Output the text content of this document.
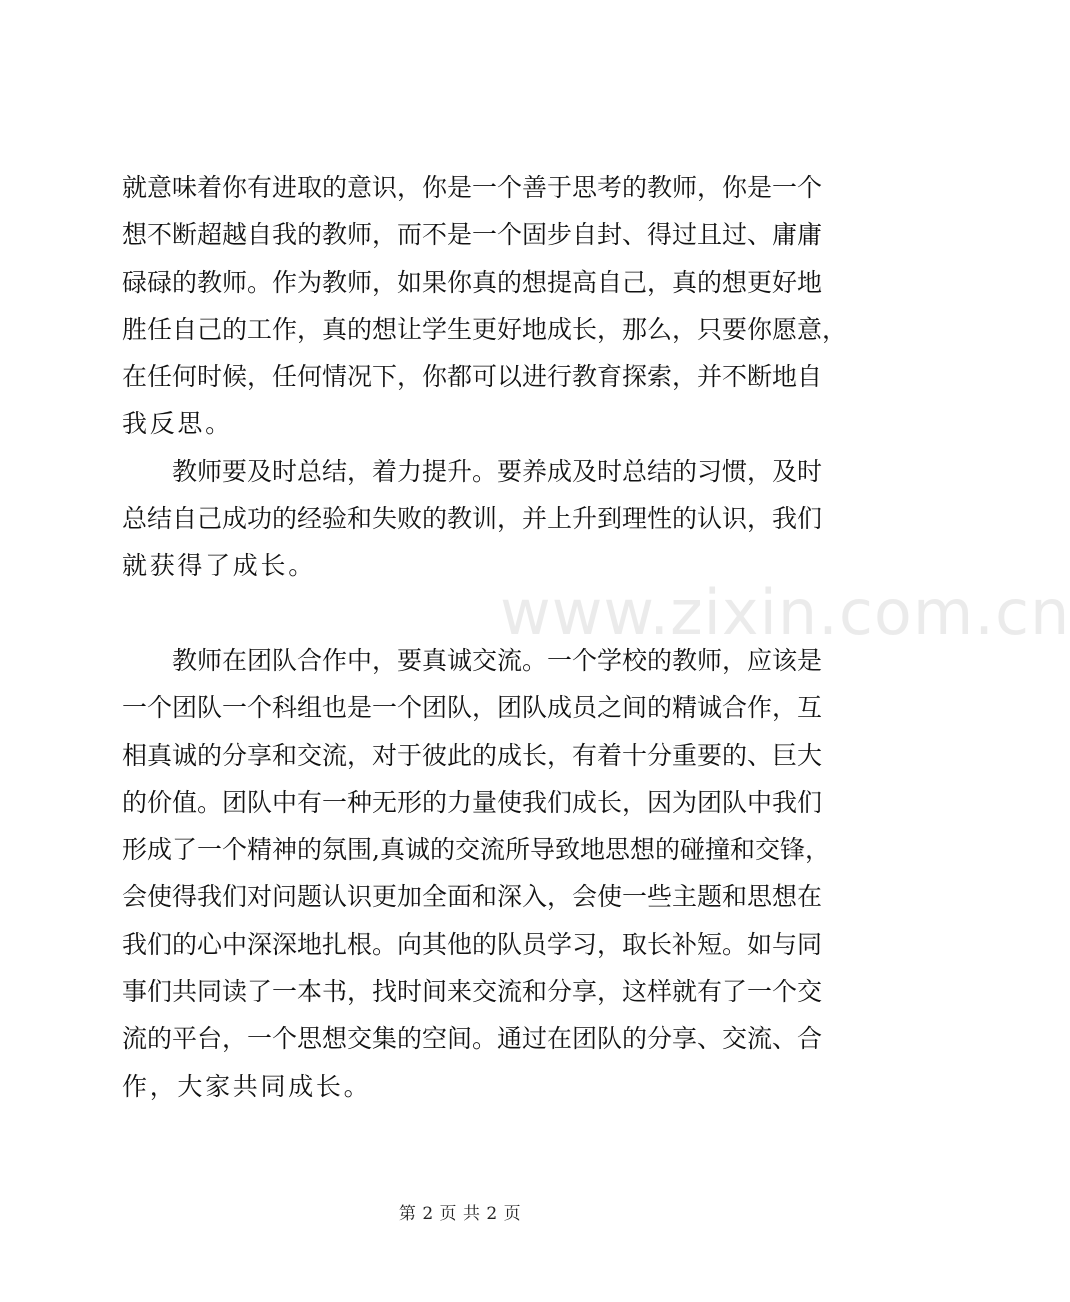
www.zixin.com.cn
就意味着你有进取的意识，你是一个善于思考的教师，你是一个
想不断超越自我的教师，而不是一个固步自封、得过且过、庸庸
碌碌的教师。作为教师，如果你真的想提高自己，真的想更好地
胜任自己的工作，真的想让学生更好地成长，那么，只要你愿意，
在任何时候，任何情况下，你都可以进行教育探索，并不断地自
我反思。
教师要及时总结，着力提升。要养成及时总结的习惯，及时
总结自己成功的经验和失败的教训，并上升到理性的认识，我们
就获得了成长。
教师在团队合作中，要真诚交流。一个学校的教师，应该是
一个团队一个科组也是一个团队，团队成员之间的精诚合作，互
相真诚的分享和交流，对于彼此的成长，有着十分重要的、巨大
的价值。团队中有一种无形的力量使我们成长，因为团队中我们
形成了一个精神的氛围,真诚的交流所导致地思想的碰撞和交锋，
会使得我们对问题认识更加全面和深入，会使一些主题和思想在
我们的心中深深地扎根。向其他的队员学习，取长补短。如与同
事们共同读了一本书，找时间来交流和分享，这样就有了一个交
流的平台，一个思想交集的空间。通过在团队的分享、交流、合
作，大家共同成长。
第 2 页 共 2 页
